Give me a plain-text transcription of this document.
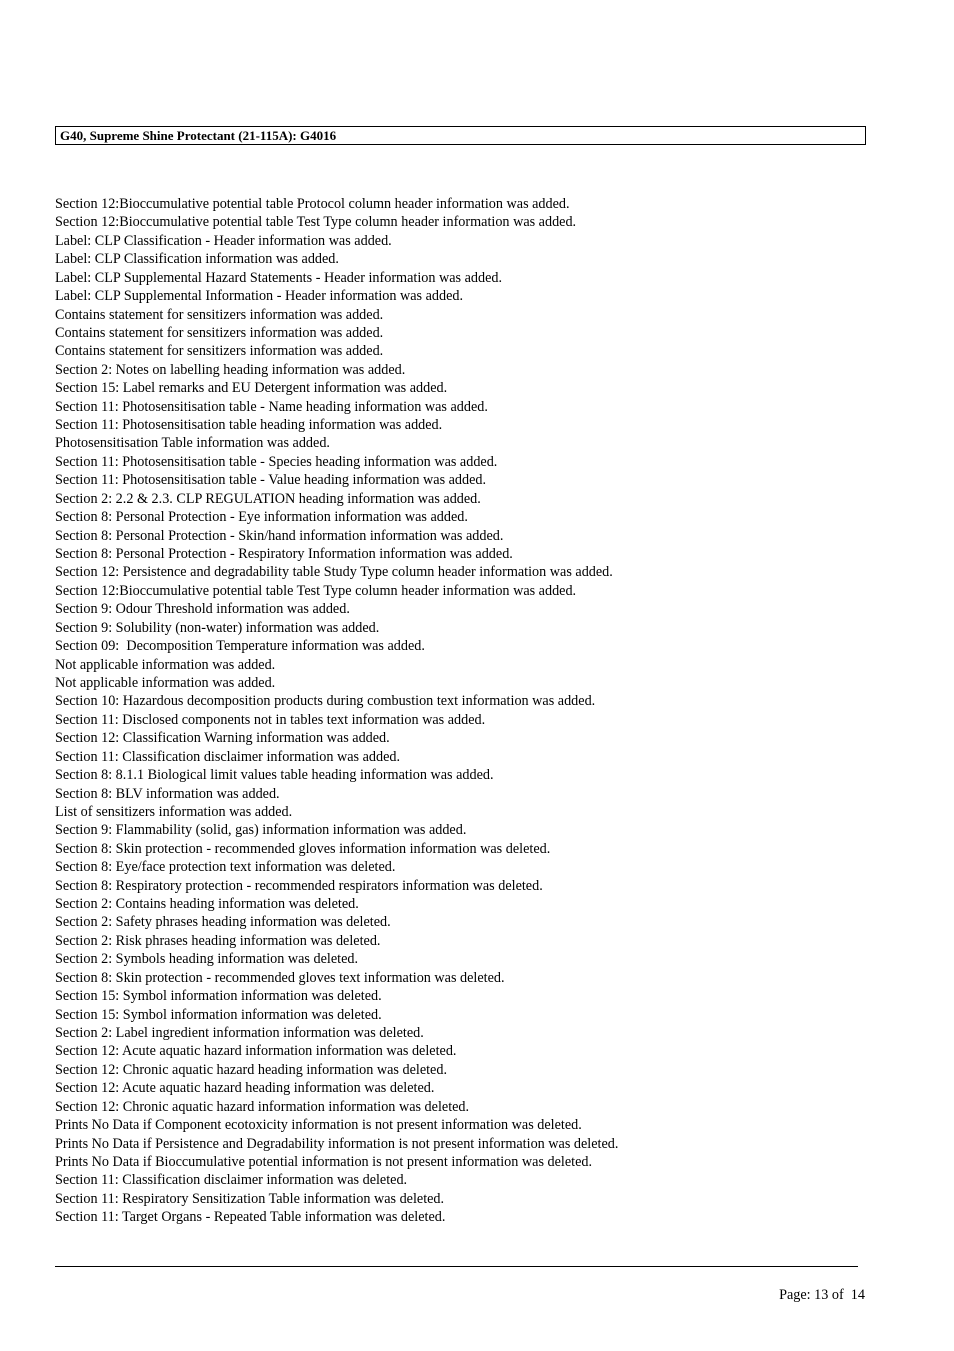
G40, Supreme Shine Protectant (21-115A): G4016
Section 12:Bioccumulative potential table Protocol column header information was added.
Section 12:Bioccumulative potential table Test Type column header information was added.
Label: CLP Classification - Header information was added.
Label: CLP Classification information was added.
Label: CLP Supplemental Hazard Statements - Header information was added.
Label: CLP Supplemental Information - Header information was added.
Contains statement for sensitizers information was added.
Contains statement for sensitizers information was added.
Contains statement for sensitizers information was added.
Section 2: Notes on labelling heading information was added.
Section 15: Label remarks and EU Detergent information was added.
Section 11: Photosensitisation table - Name heading information was added.
Section 11: Photosensitisation table heading information was added.
Photosensitisation Table information was added.
Section 11: Photosensitisation table - Species heading information was added.
Section 11: Photosensitisation table - Value heading information was added.
Section 2: 2.2 & 2.3. CLP REGULATION heading information was added.
Section 8: Personal Protection - Eye information information was added.
Section 8: Personal Protection - Skin/hand information information was added.
Section 8: Personal Protection - Respiratory Information information was added.
Section 12: Persistence and degradability table Study Type column header information was added.
Section 12:Bioccumulative potential table Test Type column header information was added.
Section 9: Odour Threshold information was added.
Section 9: Solubility (non-water) information was added.
Section 09:  Decomposition Temperature information was added.
Not applicable information was added.
Not applicable information was added.
Section 10: Hazardous decomposition products during combustion text information was added.
Section 11: Disclosed components not in tables text information was added.
Section 12: Classification Warning information was added.
Section 11: Classification disclaimer information was added.
Section 8: 8.1.1 Biological limit values table heading information was added.
Section 8: BLV information was added.
List of sensitizers information was added.
Section 9: Flammability (solid, gas) information information was added.
Section 8: Skin protection - recommended gloves information information was deleted.
Section 8: Eye/face protection text information was deleted.
Section 8: Respiratory protection - recommended respirators information was deleted.
Section 2: Contains heading information was deleted.
Section 2: Safety phrases heading information was deleted.
Section 2: Risk phrases heading information was deleted.
Section 2: Symbols heading information was deleted.
Section 8: Skin protection - recommended gloves text information was deleted.
Section 15: Symbol information information was deleted.
Section 15: Symbol information information was deleted.
Section 2: Label ingredient information information was deleted.
Section 12: Acute aquatic hazard information information was deleted.
Section 12: Chronic aquatic hazard heading information was deleted.
Section 12: Acute aquatic hazard heading information was deleted.
Section 12: Chronic aquatic hazard information information was deleted.
Prints No Data if Component ecotoxicity information is not present information was deleted.
Prints No Data if Persistence and Degradability information is not present information was deleted.
Prints No Data if Bioccumulative potential information is not present information was deleted.
Section 11: Classification disclaimer information was deleted.
Section 11: Respiratory Sensitization Table information was deleted.
Section 11: Target Organs - Repeated Table information was deleted.
Page: 13 of  14
